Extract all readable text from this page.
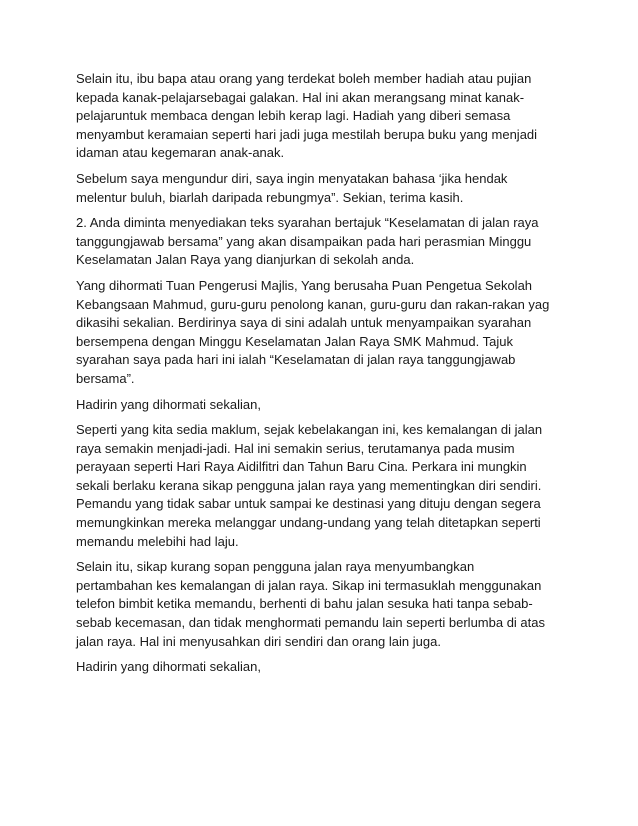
Selain itu, ibu bapa atau orang yang terdekat boleh member hadiah atau pujian
kepada kanak-pelajarsebagai galakan. Hal ini akan merangsang minat kanak-
pelajaruntuk membaca dengan lebih kerap lagi. Hadiah yang diberi semasa
menyambut keramaian seperti hari jadi juga mestilah berupa buku yang menjadi
idaman atau kegemaran anak-anak.

Sebelum saya mengundur diri, saya ingin menyatakan bahasa ‘jika hendak
melentur buluh, biarlah daripada rebungmya”. Sekian, terima kasih.

2. Anda diminta menyediakan teks syarahan bertajuk “Keselamatan di jalan raya
tanggungjawab bersama” yang akan disampaikan pada hari perasmian Minggu
Keselamatan Jalan Raya yang dianjurkan di sekolah anda.

Yang dihormati Tuan Pengerusi Majlis, Yang berusaha Puan Pengetua Sekolah
Kebangsaan Mahmud, guru-guru penolong kanan, guru-guru dan rakan-rakan yag
dikasihi sekalian. Berdirinya saya di sini adalah untuk menyampaikan syarahan
bersempena dengan Minggu Keselamatan Jalan Raya SMK Mahmud. Tajuk
syarahan saya pada hari ini ialah “Keselamatan di jalan raya tanggungjawab
bersama”.

Hadirin yang dihormati sekalian,

Seperti yang kita sedia maklum, sejak kebelakangan ini, kes kemalangan di jalan
raya semakin menjadi-jadi. Hal ini semakin serius, terutamanya pada musim
perayaan seperti Hari Raya Aidilfitri dan Tahun Baru Cina. Perkara ini mungkin
sekali berlaku kerana sikap pengguna jalan raya yang mementingkan diri sendiri.
Pemandu yang tidak sabar untuk sampai ke destinasi yang dituju dengan segera
memungkinkan mereka melanggar undang-undang yang telah ditetapkan seperti
memandu melebihi had laju.

Selain itu, sikap kurang sopan pengguna jalan raya menyumbangkan
pertambahan kes kemalangan di jalan raya. Sikap ini termasuklah menggunakan
telefon bimbit ketika memandu, berhenti di bahu jalan sesuka hati tanpa sebab-
sebab kecemasan, dan tidak menghormati pemandu lain seperti berlumba di atas
jalan raya. Hal ini menyusahkan diri sendiri dan orang lain juga.

Hadirin yang dihormati sekalian,
